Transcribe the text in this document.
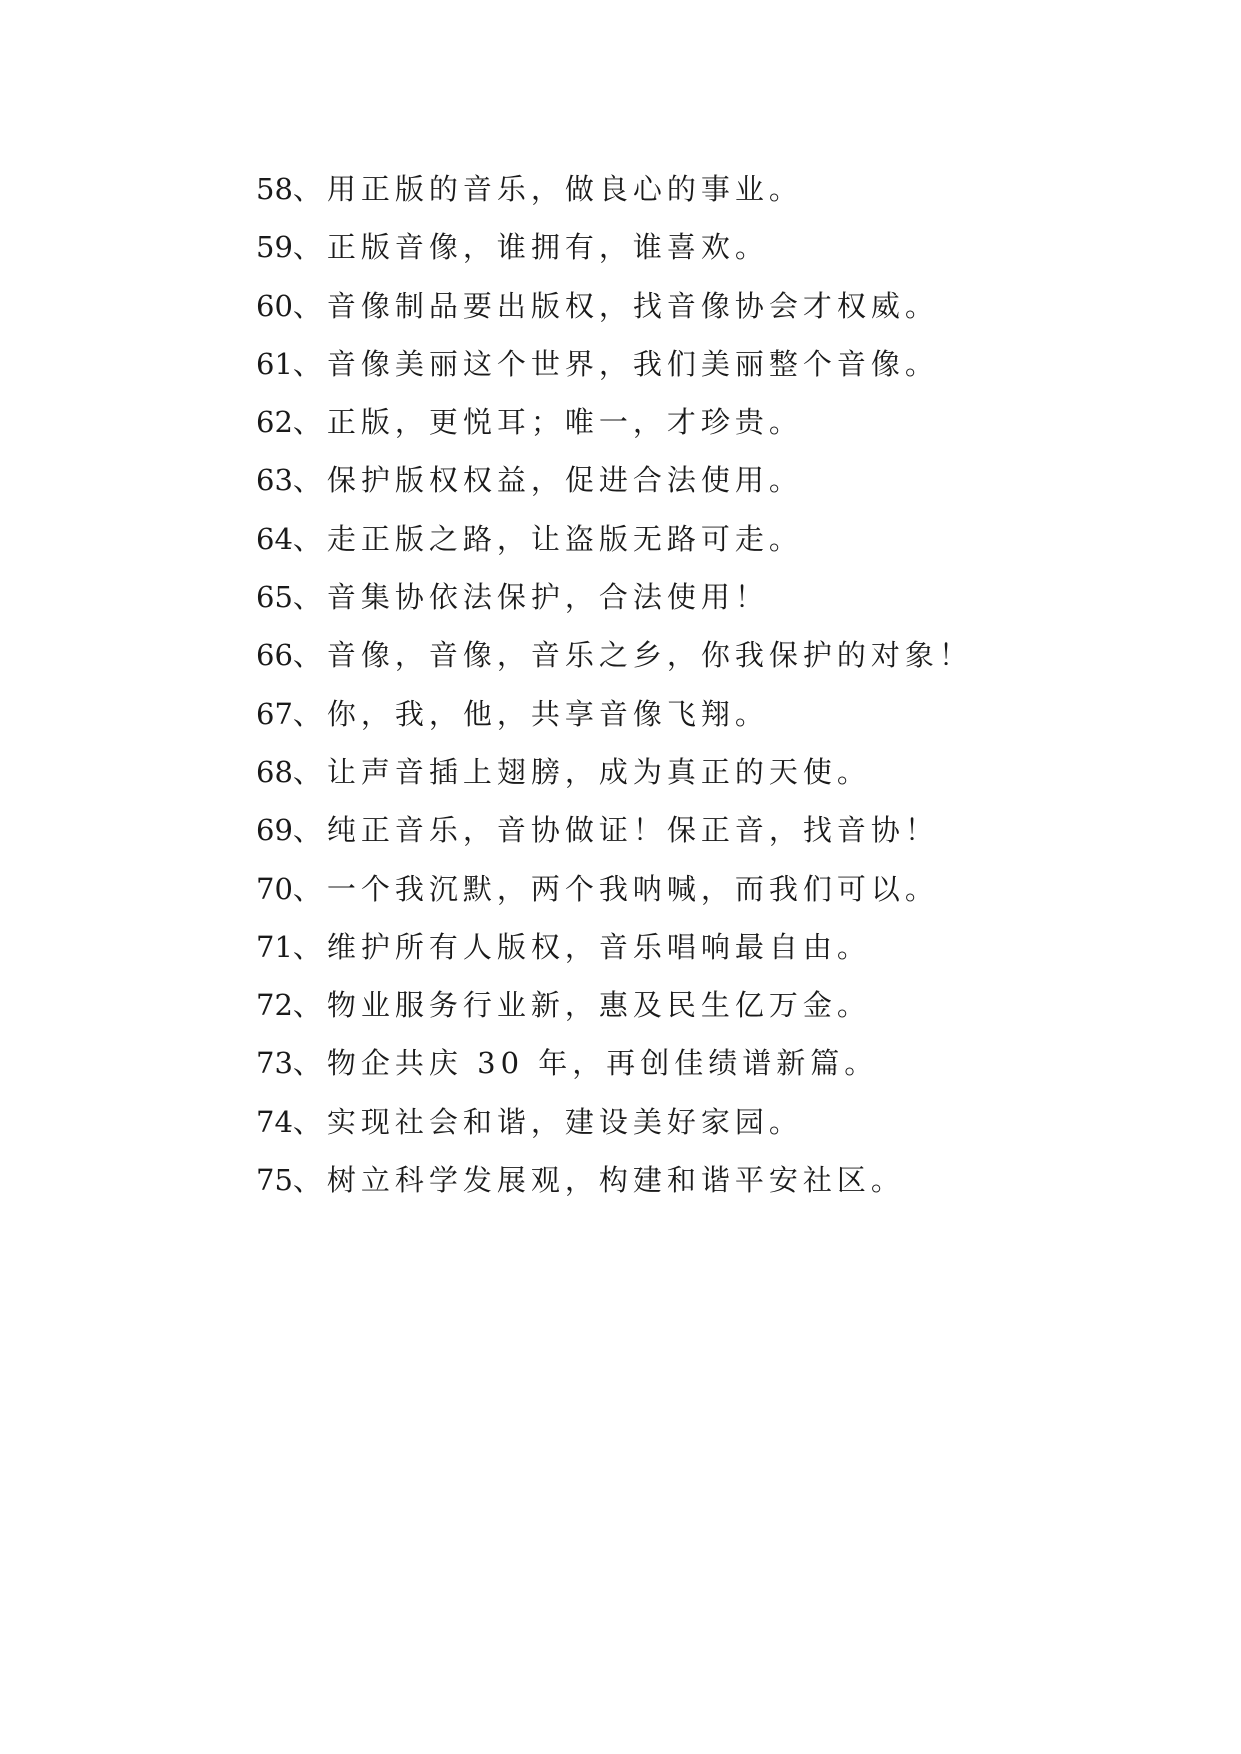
58、用正版的音乐，做良心的事业。
59、正版音像，谁拥有，谁喜欢。
60、音像制品要出版权，找音像协会才权威。
61、音像美丽这个世界，我们美丽整个音像。
62、正版，更悦耳；唯一，才珍贵。
63、保护版权权益，促进合法使用。
64、走正版之路，让盗版无路可走。
65、音集协依法保护，合法使用！
66、音像，音像，音乐之乡，你我保护的对象！
67、你，我，他，共享音像飞翔。
68、让声音插上翅膀，成为真正的天使。
69、纯正音乐，音协做证！保正音，找音协！
70、一个我沉默，两个我呐喊，而我们可以。
71、维护所有人版权，音乐唱响最自由。
72、物业服务行业新，惠及民生亿万金。
73、物企共庆 30 年，再创佳绩谱新篇。
74、实现社会和谐，建设美好家园。
75、树立科学发展观，构建和谐平安社区。
